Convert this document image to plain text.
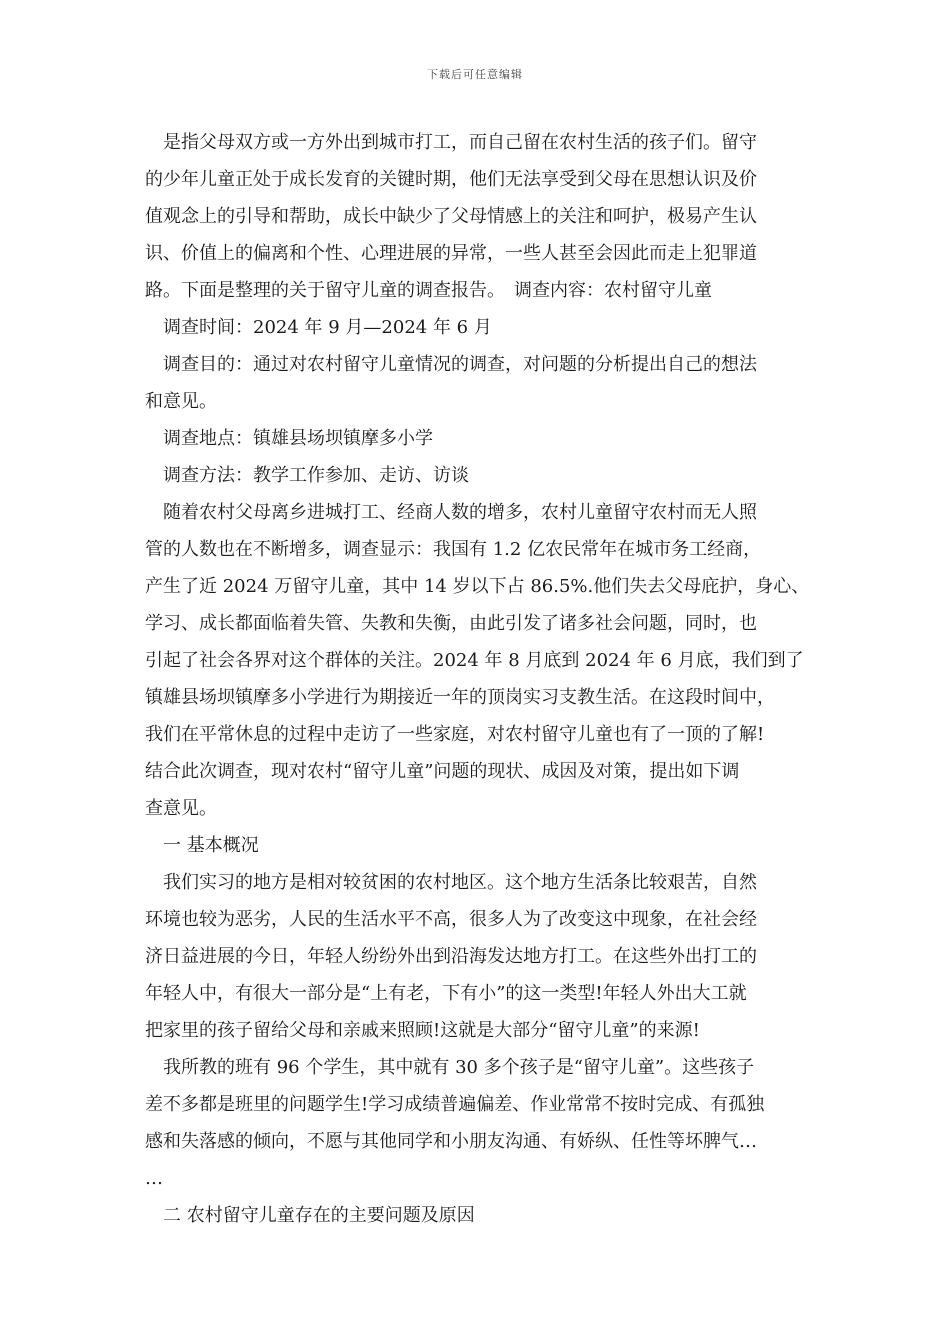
下载后可任意编辑
是指父母双方或一方外出到城市打工，而自己留在农村生活的孩子们。留守
的少年儿童正处于成长发育的关键时期，他们无法享受到父母在思想认识及价
值观念上的引导和帮助，成长中缺少了父母情感上的关注和呵护，极易产生认
识、价值上的偏离和个性、心理进展的异常，一些人甚至会因此而走上犯罪道
路。下面是整理的关于留守儿童的调查报告。　调查内容：农村留守儿童
调查时间：2024 年 9 月—2024 年 6 月
调查目的：通过对农村留守儿童情况的调查，对问题的分析提出自己的想法
和意见。
调查地点：镇雄县场坝镇摩多小学
调查方法：教学工作参加、走访、访谈
随着农村父母离乡进城打工、经商人数的增多，农村儿童留守农村而无人照
管的人数也在不断增多，调查显示：我国有 1.2 亿农民常年在城市务工经商，
产生了近 2024 万留守儿童，其中 14 岁以下占 86.5%.他们失去父母庇护，身心、
学习、成长都面临着失管、失教和失衡，由此引发了诸多社会问题，同时，也
引起了社会各界对这个群体的关注。2024 年 8 月底到 2024 年 6 月底，我们到了
镇雄县场坝镇摩多小学进行为期接近一年的顶岗实习支教生活。在这段时间中，
我们在平常休息的过程中走访了一些家庭，对农村留守儿童也有了一顶的了解!
结合此次调查，现对农村“留守儿童”问题的现状、成因及对策，提出如下调
查意见。
一 基本概况
我们实习的地方是相对较贫困的农村地区。这个地方生活条比较艰苦，自然
环境也较为恶劣，人民的生活水平不高，很多人为了改变这中现象，在社会经
济日益进展的今日，年轻人纷纷外出到沿海发达地方打工。在这些外出打工的
年轻人中，有很大一部分是“上有老，下有小”的这一类型!年轻人外出大工就
把家里的孩子留给父母和亲戚来照顾!这就是大部分“留守儿童”的来源!
我所教的班有 96 个学生，其中就有 30 多个孩子是“留守儿童”。这些孩子
差不多都是班里的问题学生!学习成绩普遍偏差、作业常常不按时完成、有孤独
感和失落感的倾向，不愿与其他同学和小朋友沟通、有娇纵、任性等坏脾气…
…
二 农村留守儿童存在的主要问题及原因
